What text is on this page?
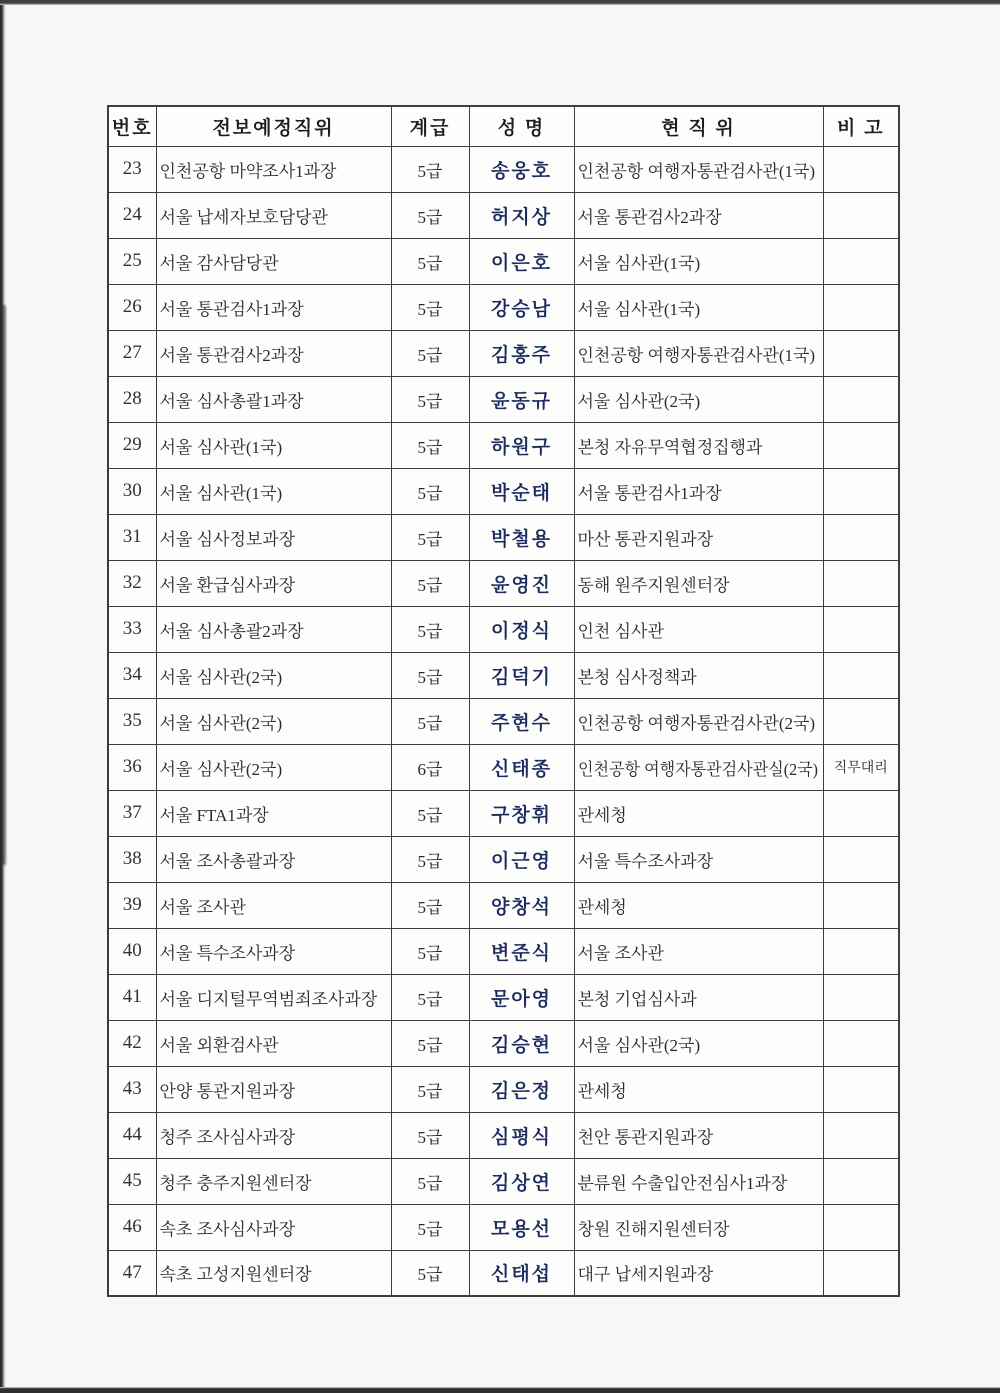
번호	전보예정직위	계급	성 명	현 직 위	비 고
23	인천공항 마약조사1과장	5급	송웅호	인천공항 여행자통관검사관(1국)	
24	서울 납세자보호담당관	5급	허지상	서울 통관검사2과장	
25	서울 감사담당관	5급	이은호	서울 심사관(1국)	
26	서울 통관검사1과장	5급	강승남	서울 심사관(1국)	
27	서울 통관검사2과장	5급	김홍주	인천공항 여행자통관검사관(1국)	
28	서울 심사총괄1과장	5급	윤동규	서울 심사관(2국)	
29	서울 심사관(1국)	5급	하원구	본청 자유무역협정집행과	
30	서울 심사관(1국)	5급	박순태	서울 통관검사1과장	
31	서울 심사정보과장	5급	박철용	마산 통관지원과장	
32	서울 환급심사과장	5급	윤영진	동해 원주지원센터장	
33	서울 심사총괄2과장	5급	이정식	인천 심사관	
34	서울 심사관(2국)	5급	김덕기	본청 심사정책과	
35	서울 심사관(2국)	5급	주현수	인천공항 여행자통관검사관(2국)	
36	서울 심사관(2국)	6급	신태종	인천공항 여행자통관검사관실(2국)	직무대리
37	서울 FTA1과장	5급	구창휘	관세청	
38	서울 조사총괄과장	5급	이근영	서울 특수조사과장	
39	서울 조사관	5급	양창석	관세청	
40	서울 특수조사과장	5급	변준식	서울 조사관	
41	서울 디지털무역범죄조사과장	5급	문아영	본청 기업심사과	
42	서울 외환검사관	5급	김승현	서울 심사관(2국)	
43	안양 통관지원과장	5급	김은정	관세청	
44	청주 조사심사과장	5급	심평식	천안 통관지원과장	
45	청주 충주지원센터장	5급	김상연	분류원 수출입안전심사1과장	
46	속초 조사심사과장	5급	모용선	창원 진해지원센터장	
47	속초 고성지원센터장	5급	신태섭	대구 납세지원과장	
